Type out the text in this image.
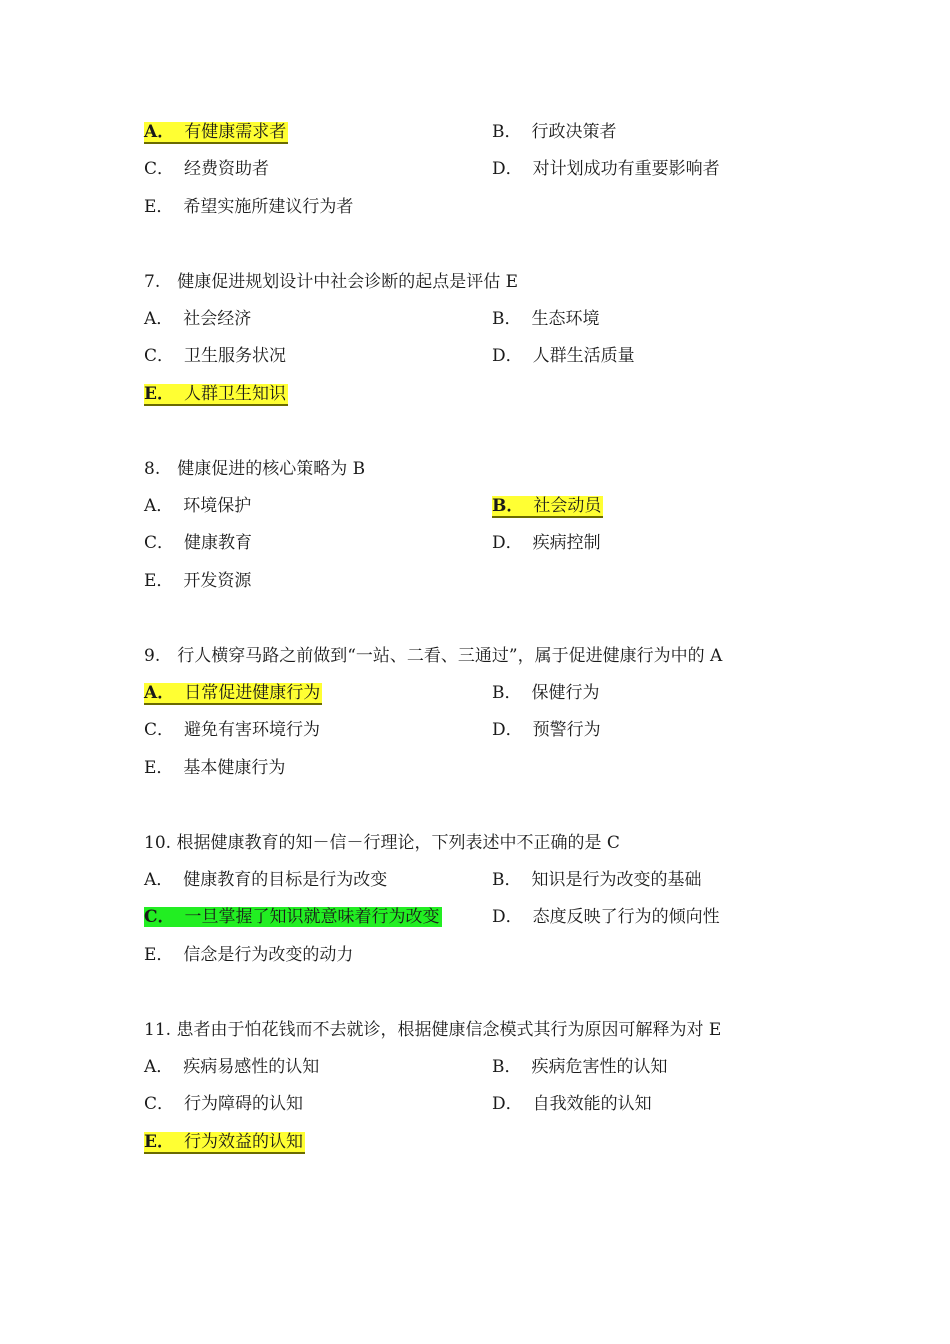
A． 有健康需求者	B． 行政决策者
C． 经费资助者	D． 对计划成功有重要影响者
E． 希望实施所建议行为者
7.　健康促进规划设计中社会诊断的起点是评估 E
A． 社会经济	B． 生态环境
C． 卫生服务状况	D． 人群生活质量
E． 人群卫生知识
8.　健康促进的核心策略为 B
A． 环境保护	B． 社会动员
C． 健康教育	D． 疾病控制
E． 开发资源
9.　行人横穿马路之前做到“一站、二看、三通过”，属于促进健康行为中的 A
A． 日常促进健康行为	B． 保健行为
C． 避免有害环境行为	D． 预警行为
E． 基本健康行为
10. 根据健康教育的知－信－行理论，下列表述中不正确的是 C
A． 健康教育的目标是行为改变	B． 知识是行为改变的基础
C． 一旦掌握了知识就意味着行为改变	D． 态度反映了行为的倾向性
E． 信念是行为改变的动力
11. 患者由于怕花钱而不去就诊，根据健康信念模式其行为原因可解释为对 E
A． 疾病易感性的认知	B． 疾病危害性的认知
C． 行为障碍的认知	D． 自我效能的认知
E． 行为效益的认知
